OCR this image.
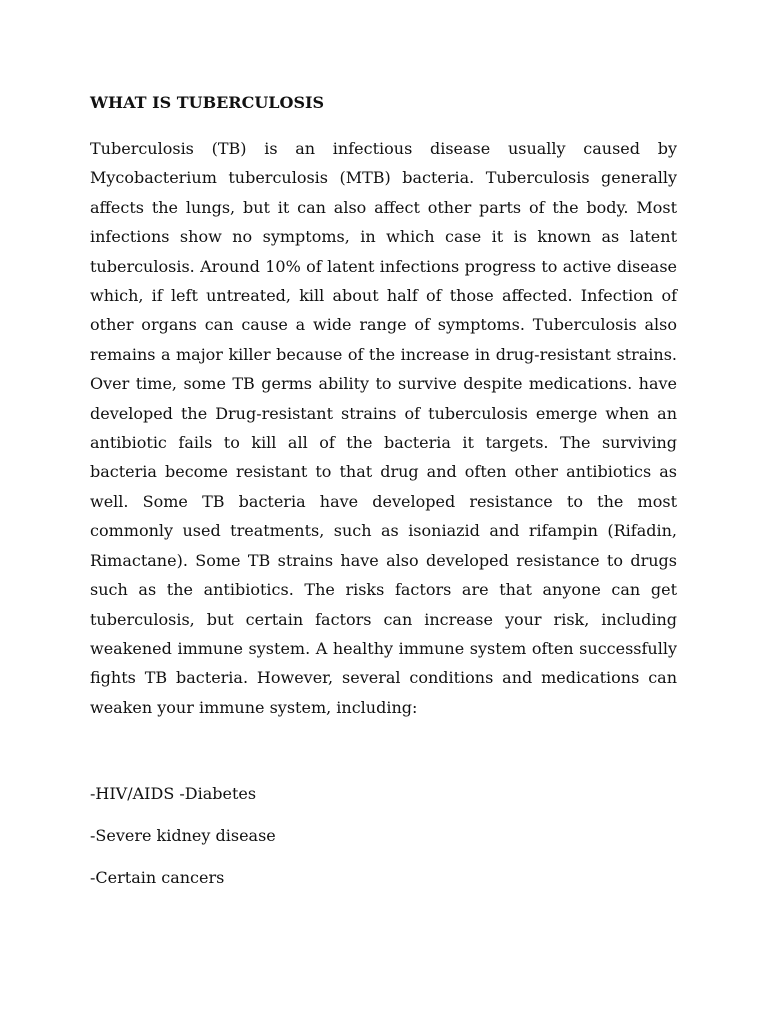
WHAT IS TUBERCULOSIS

Tuberculosis (TB) is an infectious disease usually caused by Mycobacterium tuberculosis (MTB) bacteria. Tuberculosis generally affects the lungs, but it can also affect other parts of the body. Most infections show no symptoms, in which case it is known as latent tuberculosis. Around 10% of latent infections progress to active disease which, if left untreated, kill about half of those affected. Infection of other organs can cause a wide range of symptoms. Tuberculosis also remains a major killer because of the increase in drug-resistant strains. Over time, some TB germs ability to survive despite medications. have developed the Drug-resistant strains of tuberculosis emerge when an antibiotic fails to kill all of the bacteria it targets. The surviving bacteria become resistant to that drug and often other antibiotics as well. Some TB bacteria have developed resistance to the most commonly used treatments, such as isoniazid and rifampin (Rifadin, Rimactane). Some TB strains have also developed resistance to drugs such as the antibiotics. The risks factors are that anyone can get tuberculosis, but certain factors can increase your risk, including weakened immune system. A healthy immune system often successfully fights TB bacteria. However, several conditions and medications can weaken your immune system, including:

-HIV/AIDS -Diabetes
-Severe kidney disease
-Certain cancers
